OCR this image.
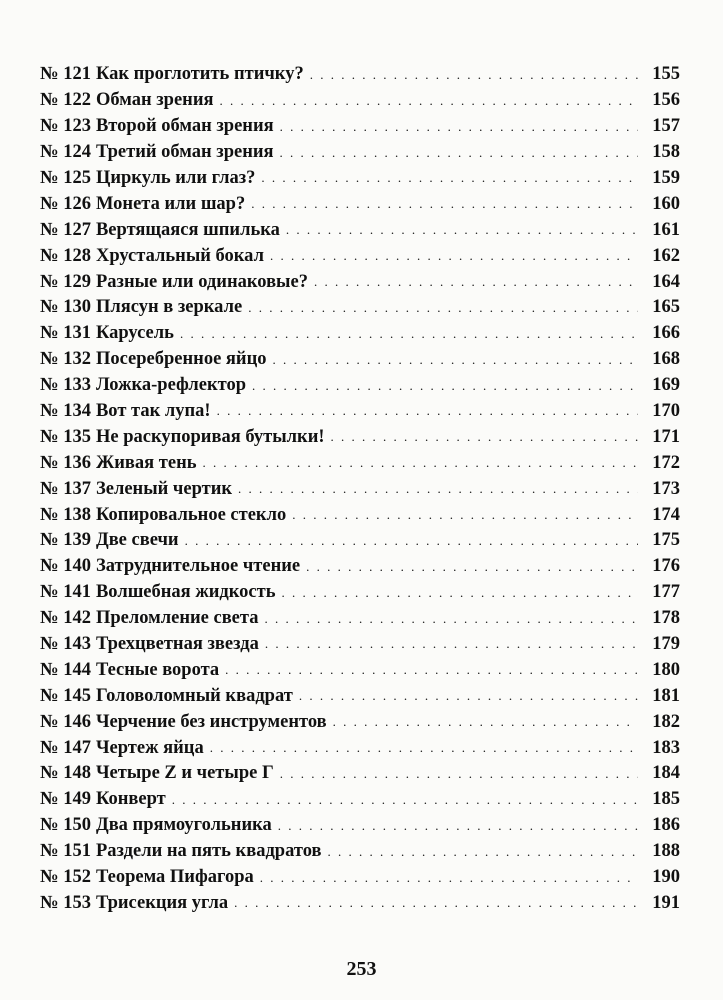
№ 121 Как проглотить птичку? . . .	155
№ 122 Обман зрения . . .	156
№ 123 Второй обман зрения . . .	157
№ 124 Третий обман зрения . . .	158
№ 125 Циркуль или глаз? . . .	159
№ 126 Монета или шар? . . .	160
№ 127 Вертящаяся шпилька . . .	161
№ 128 Хрустальный бокал . . .	162
№ 129 Разные или одинаковые? . . .	164
№ 130 Плясун в зеркале . . .	165
№ 131 Карусель . . .	166
№ 132 Посеребренное яйцо . . .	168
№ 133 Ложка-рефлектор . . .	169
№ 134 Вот так лупа! . . .	170
№ 135 Не раскупоривая бутылки! . . .	171
№ 136 Живая тень . . .	172
№ 137 Зеленый чертик . . .	173
№ 138 Копировальное стекло . . .	174
№ 139 Две свечи . . .	175
№ 140 Затруднительное чтение . . .	176
№ 141 Волшебная жидкость . . .	177
№ 142 Преломление света . . .	178
№ 143 Трехцветная звезда . . .	179
№ 144 Тесные ворота . . .	180
№ 145 Головоломный квадрат . . .	181
№ 146 Черчение без инструментов . . .	182
№ 147 Чертеж яйца . . .	183
№ 148 Четыре Z и четыре Г . . .	184
№ 149 Конверт . . .	185
№ 150 Два прямоугольника . . .	186
№ 151 Раздели на пять квадратов . . .	188
№ 152 Теорема Пифагора . . .	190
№ 153 Трисекция угла . . .	191
253
